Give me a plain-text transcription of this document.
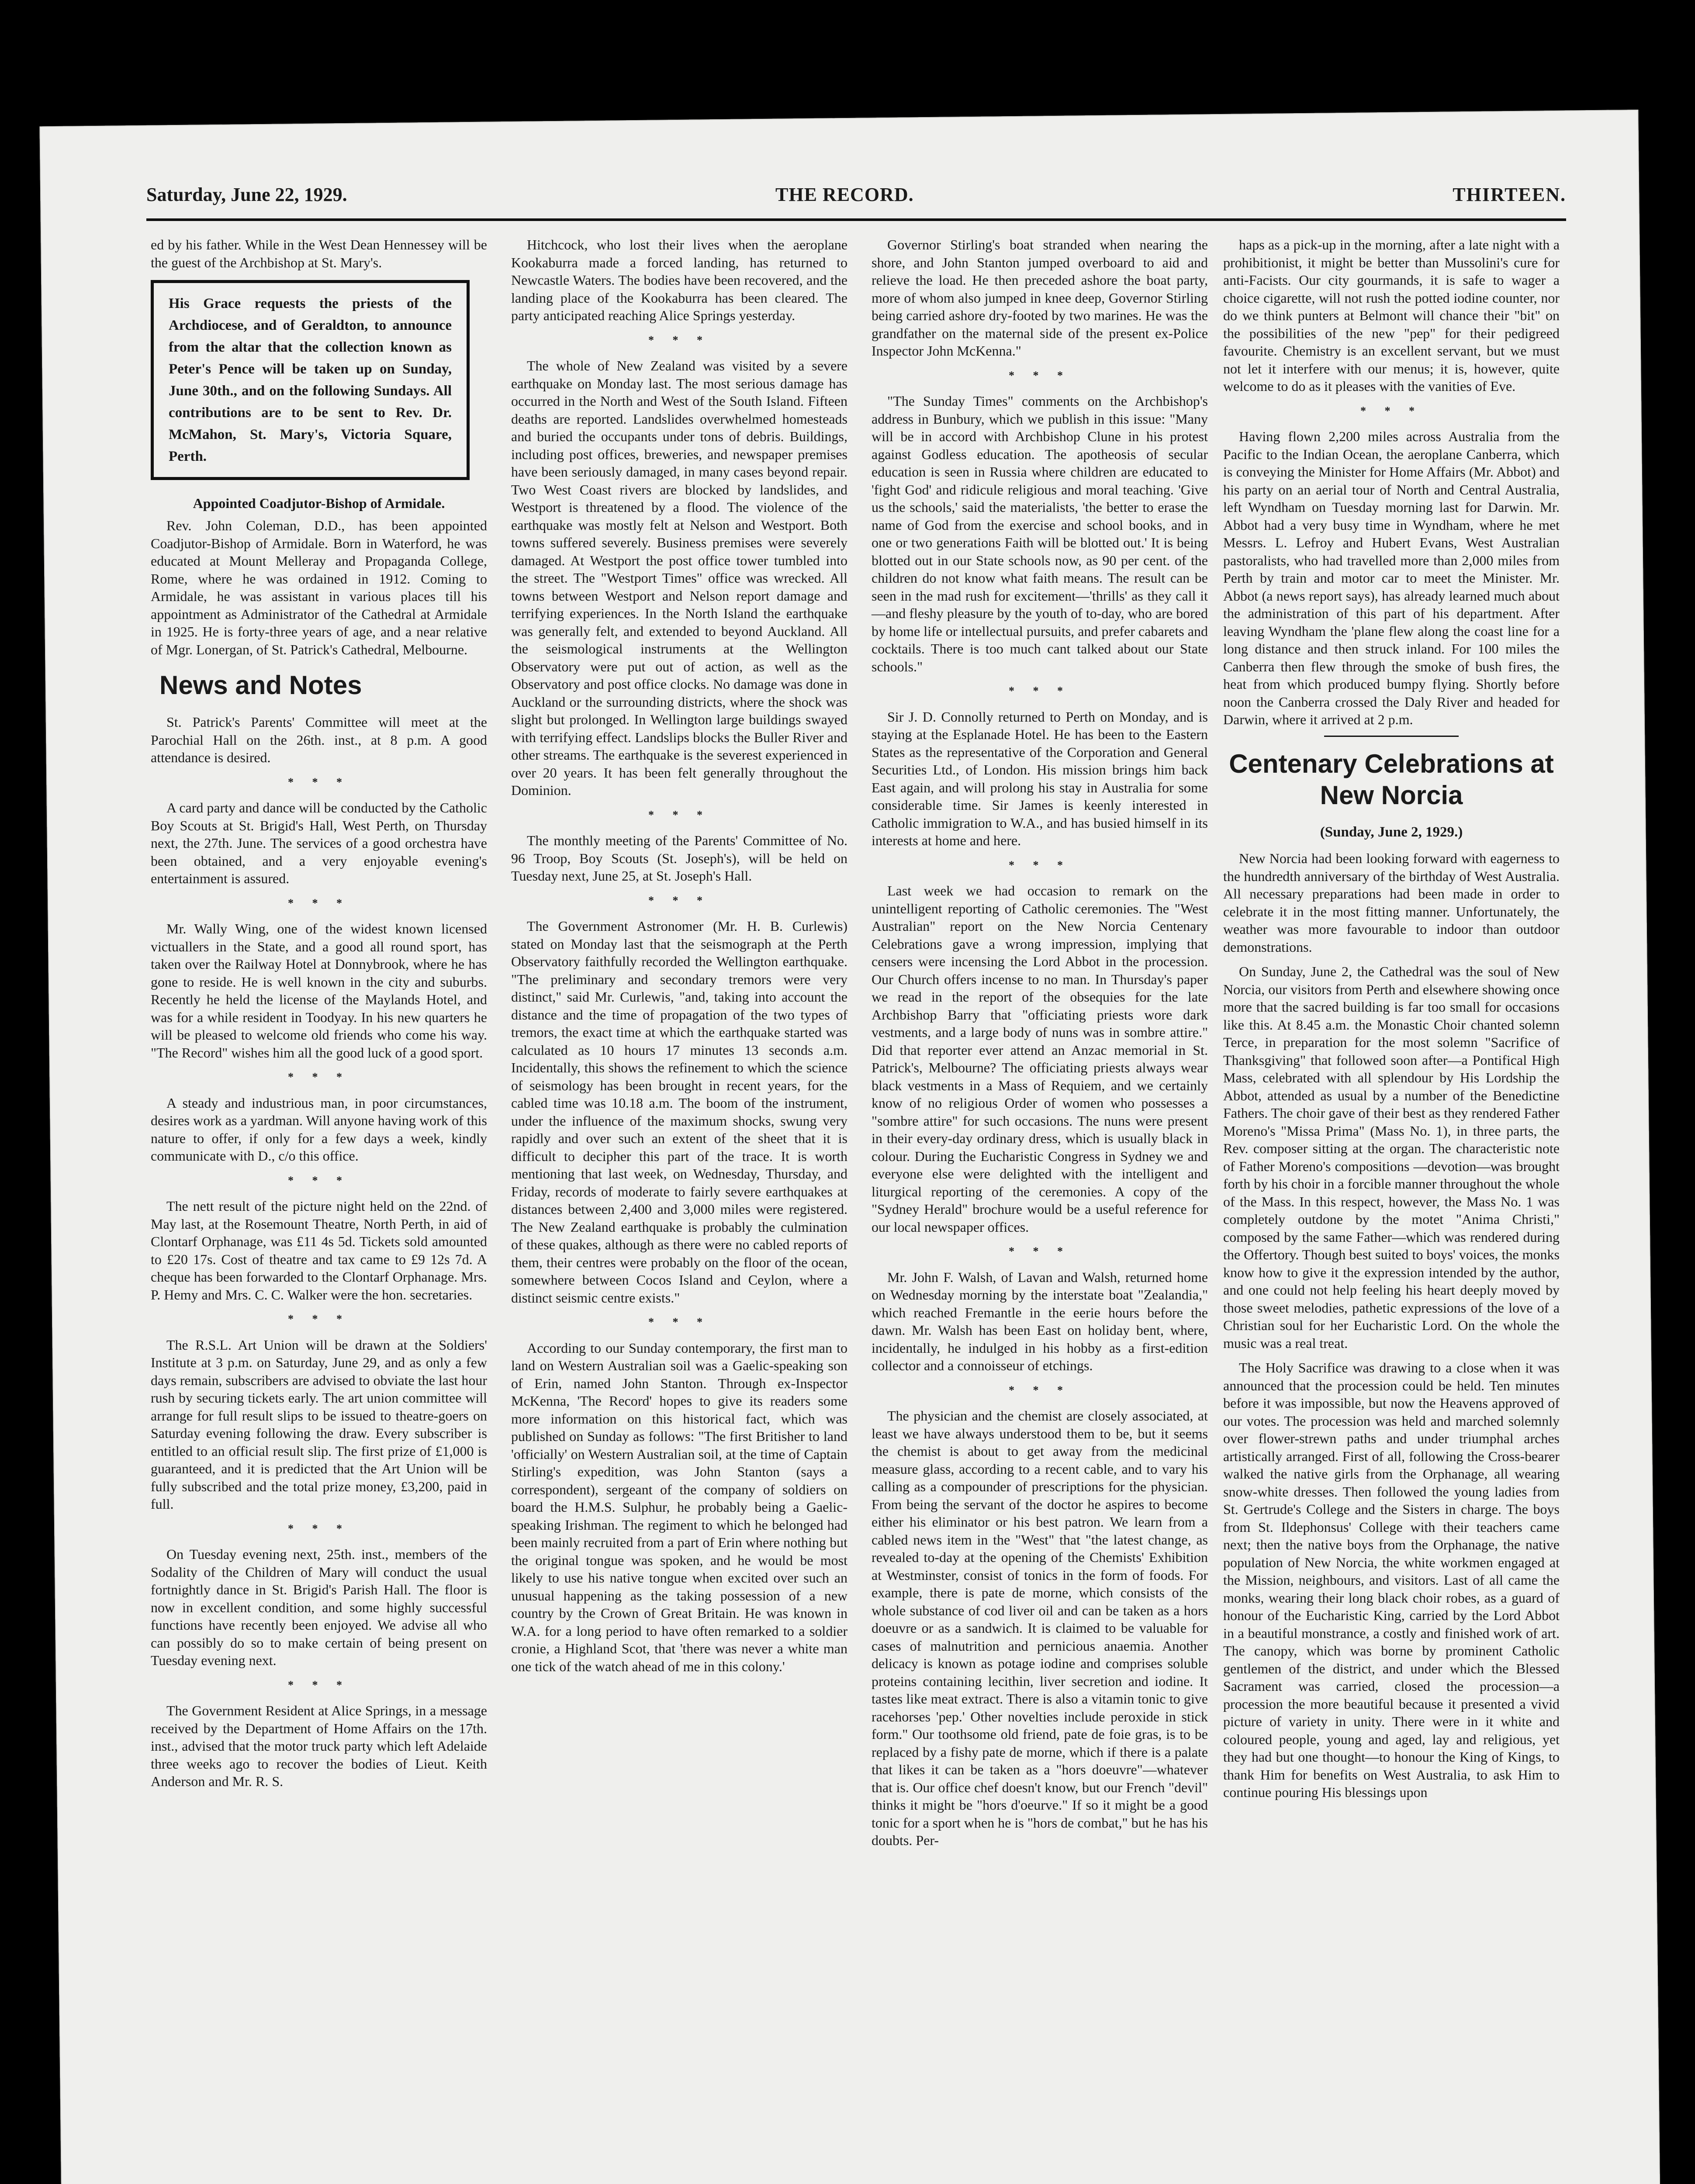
Saturday, June 22, 1929.	THE RECORD.	THIRTEEN.

ed by his father. While in the West Dean Hennessey will be the guest of the Archbishop at St. Mary's.

His Grace requests the priests of the Archdiocese, and of Geraldton, to announce from the altar that the collection known as Peter's Pence will be taken up on Sunday, June 30th., and on the following Sundays. All contributions are to be sent to Rev. Dr. McMahon, St. Mary's, Victoria Square, Perth.
Appointed Coadjutor-Bishop of Armidale.

Rev. John Coleman, D.D., has been appointed Coadjutor-Bishop of Armidale. Born in Waterford, he was educated at Mount Melleray and Propaganda College, Rome, where he was ordained in 1912. Coming to Armidale, he was assistant in various places till his appointment as Administrator of the Cathedral at Armidale in 1925. He is forty-three years of age, and a near relative of Mgr. Lonergan, of St. Patrick's Cathedral, Melbourne.

News and Notes

St. Patrick's Parents' Committee will meet at the Parochial Hall on the 26th. inst., at 8 p.m. A good attendance is desired.

* * *

A card party and dance will be conducted by the Catholic Boy Scouts at St. Brigid's Hall, West Perth, on Thursday next, the 27th. June. The services of a good orchestra have been obtained, and a very enjoyable evening's entertainment is assured.

* * *

Mr. Wally Wing, one of the widest known licensed victuallers in the State, and a good all round sport, has taken over the Railway Hotel at Donnybrook, where he has gone to reside. He is well known in the city and suburbs. Recently he held the license of the Maylands Hotel, and was for a while resident in Toodyay. In his new quarters he will be pleased to welcome old friends who come his way. "The Record" wishes him all the good luck of a good sport.

* * *

A steady and industrious man, in poor circumstances, desires work as a yardman. Will anyone having work of this nature to offer, if only for a few days a week, kindly communicate with D., c/o this office.

* * *

The nett result of the picture night held on the 22nd. of May last, at the Rosemount Theatre, North Perth, in aid of Clontarf Orphanage, was £11 4s 5d. Tickets sold amounted to £20 17s. Cost of theatre and tax came to £9 12s 7d. A cheque has been forwarded to the Clontarf Orphanage. Mrs. P. Hemy and Mrs. C. C. Walker were the hon. secretaries.

* * *

The R.S.L. Art Union will be drawn at the Soldiers' Institute at 3 p.m. on Saturday, June 29, and as only a few days remain, subscribers are advised to obviate the last hour rush by securing tickets early. The art union committee will arrange for full result slips to be issued to theatre-goers on Saturday evening following the draw. Every subscriber is entitled to an official result slip. The first prize of £1,000 is guaranteed, and it is predicted that the Art Union will be fully subscribed and the total prize money, £3,200, paid in full.

* * *

On Tuesday evening next, 25th. inst., members of the Sodality of the Children of Mary will conduct the usual fortnightly dance in St. Brigid's Parish Hall. The floor is now in excellent condition, and some highly successful functions have recently been enjoyed. We advise all who can possibly do so to make certain of being present on Tuesday evening next.

* * *

The Government Resident at Alice Springs, in a message received by the Department of Home Affairs on the 17th. inst., advised that the motor truck party which left Adelaide three weeks ago to recover the bodies of Lieut. Keith Anderson and Mr. R. S.

Hitchcock, who lost their lives when the aeroplane Kookaburra made a forced landing, has returned to Newcastle Waters. The bodies have been recovered, and the landing place of the Kookaburra has been cleared. The party anticipated reaching Alice Springs yesterday.

* * *

The whole of New Zealand was visited by a severe earthquake on Monday last. The most serious damage has occurred in the North and West of the South Island. Fifteen deaths are reported. Landslides overwhelmed homesteads and buried the occupants under tons of debris. Buildings, including post offices, breweries, and newspaper premises have been seriously damaged, in many cases beyond repair. Two West Coast rivers are blocked by landslides, and Westport is threatened by a flood. The violence of the earthquake was mostly felt at Nelson and Westport. Both towns suffered severely. Business premises were severely damaged. At Westport the post office tower tumbled into the street. The "Westport Times" office was wrecked. All towns between Westport and Nelson report damage and terrifying experiences. In the North Island the earthquake was generally felt, and extended to beyond Auckland. All the seismological instruments at the Wellington Observatory were put out of action, as well as the Observatory and post office clocks. No damage was done in Auckland or the surrounding districts, where the shock was slight but prolonged. In Wellington large buildings swayed with terrifying effect. Landslips blocks the Buller River and other streams. The earthquake is the severest experienced in over 20 years. It has been felt generally throughout the Dominion.

* * *

The monthly meeting of the Parents' Committee of No. 96 Troop, Boy Scouts (St. Joseph's), will be held on Tuesday next, June 25, at St. Joseph's Hall.

* * *

The Government Astronomer (Mr. H. B. Curlewis) stated on Monday last that the seismograph at the Perth Observatory faithfully recorded the Wellington earthquake. "The preliminary and secondary tremors were very distinct," said Mr. Curlewis, "and, taking into account the distance and the time of propagation of the two types of tremors, the exact time at which the earthquake started was calculated as 10 hours 17 minutes 13 seconds a.m. Incidentally, this shows the refinement to which the science of seismology has been brought in recent years, for the cabled time was 10.18 a.m. The boom of the instrument, under the influence of the maximum shocks, swung very rapidly and over such an extent of the sheet that it is difficult to decipher this part of the trace. It is worth mentioning that last week, on Wednesday, Thursday, and Friday, records of moderate to fairly severe earthquakes at distances between 2,400 and 3,000 miles were registered. The New Zealand earthquake is probably the culmination of these quakes, although as there were no cabled reports of them, their centres were probably on the floor of the ocean, somewhere between Cocos Island and Ceylon, where a distinct seismic centre exists."

* * *

According to our Sunday contemporary, the first man to land on Western Australian soil was a Gaelic-speaking son of Erin, named John Stanton. Through ex-Inspector McKenna, 'The Record' hopes to give its readers some more information on this historical fact, which was published on Sunday as follows: "The first Britisher to land 'officially' on Western Australian soil, at the time of Captain Stirling's expedition, was John Stanton (says a correspondent), sergeant of the company of soldiers on board the H.M.S. Sulphur, he probably being a Gaelic-speaking Irishman. The regiment to which he belonged had been mainly recruited from a part of Erin where nothing but the original tongue was spoken, and he would be most likely to use his native tongue when excited over such an unusual happening as the taking possession of a new country by the Crown of Great Britain. He was known in W.A. for a long period to have often remarked to a soldier cronie, a Highland Scot, that 'there was never a white man one tick of the watch ahead of me in this colony.'

Governor Stirling's boat stranded when nearing the shore, and John Stanton jumped overboard to aid and relieve the load. He then preceded ashore the boat party, more of whom also jumped in knee deep, Governor Stirling being carried ashore dry-footed by two marines. He was the grandfather on the maternal side of the present ex-Police Inspector John McKenna."

* * *

"The Sunday Times" comments on the Archbishop's address in Bunbury, which we publish in this issue: "Many will be in accord with Archbishop Clune in his protest against Godless education. The apotheosis of secular education is seen in Russia where children are educated to 'fight God' and ridicule religious and moral teaching. 'Give us the schools,' said the materialists, 'the better to erase the name of God from the exercise and school books, and in one or two generations Faith will be blotted out.' It is being blotted out in our State schools now, as 90 per cent. of the children do not know what faith means. The result can be seen in the mad rush for excitement—'thrills' as they call it—and fleshy pleasure by the youth of to-day, who are bored by home life or intellectual pursuits, and prefer cabarets and cocktails. There is too much cant talked about our State schools."

* * *

Sir J. D. Connolly returned to Perth on Monday, and is staying at the Esplanade Hotel. He has been to the Eastern States as the representative of the Corporation and General Securities Ltd., of London. His mission brings him back East again, and will prolong his stay in Australia for some considerable time. Sir James is keenly interested in Catholic immigration to W.A., and has busied himself in its interests at home and here.

* * *

Last week we had occasion to remark on the unintelligent reporting of Catholic ceremonies. The "West Australian" report on the New Norcia Centenary Celebrations gave a wrong impression, implying that censers were incensing the Lord Abbot in the procession. Our Church offers incense to no man. In Thursday's paper we read in the report of the obsequies for the late Archbishop Barry that "officiating priests wore dark vestments, and a large body of nuns was in sombre attire." Did that reporter ever attend an Anzac memorial in St. Patrick's, Melbourne? The officiating priests always wear black vestments in a Mass of Requiem, and we certainly know of no religious Order of women who possesses a "sombre attire" for such occasions. The nuns were present in their every-day ordinary dress, which is usually black in colour. During the Eucharistic Congress in Sydney we and everyone else were delighted with the intelligent and liturgical reporting of the ceremonies. A copy of the "Sydney Herald" brochure would be a useful reference for our local newspaper offices.

* * *

Mr. John F. Walsh, of Lavan and Walsh, returned home on Wednesday morning by the interstate boat "Zealandia," which reached Fremantle in the eerie hours before the dawn. Mr. Walsh has been East on holiday bent, where, incidentally, he indulged in his hobby as a first-edition collector and a connoisseur of etchings.

* * *

The physician and the chemist are closely associated, at least we have always understood them to be, but it seems the chemist is about to get away from the medicinal measure glass, according to a recent cable, and to vary his calling as a compounder of prescriptions for the physician. From being the servant of the doctor he aspires to become either his eliminator or his best patron. We learn from a cabled news item in the "West" that "the latest change, as revealed to-day at the opening of the Chemists' Exhibition at Westminster, consist of tonics in the form of foods. For example, there is pate de morne, which consists of the whole substance of cod liver oil and can be taken as a hors doeuvre or as a sandwich. It is claimed to be valuable for cases of malnutrition and pernicious anaemia. Another delicacy is known as potage iodine and comprises soluble proteins containing lecithin, liver secretion and iodine. It tastes like meat extract. There is also a vitamin tonic to give racehorses 'pep.' Other novelties include peroxide in stick form." Our toothsome old friend, pate de foie gras, is to be replaced by a fishy pate de morne, which if there is a palate that likes it can be taken as a "hors doeuvre"—whatever that is. Our office chef doesn't know, but our French "devil" thinks it might be "hors d'oeurve." If so it might be a good tonic for a sport when he is "hors de combat," but he has his doubts. Per-

haps as a pick-up in the morning, after a late night with a prohibitionist, it might be better than Mussolini's cure for anti-Facists. Our city gourmands, it is safe to wager a choice cigarette, will not rush the potted iodine counter, nor do we think punters at Belmont will chance their "bit" on the possibilities of the new "pep" for their pedigreed favourite. Chemistry is an excellent servant, but we must not let it interfere with our menus; it is, however, quite welcome to do as it pleases with the vanities of Eve.

* * *

Having flown 2,200 miles across Australia from the Pacific to the Indian Ocean, the aeroplane Canberra, which is conveying the Minister for Home Affairs (Mr. Abbot) and his party on an aerial tour of North and Central Australia, left Wyndham on Tuesday morning last for Darwin. Mr. Abbot had a very busy time in Wyndham, where he met Messrs. L. Lefroy and Hubert Evans, West Australian pastoralists, who had travelled more than 2,000 miles from Perth by train and motor car to meet the Minister. Mr. Abbot (a news report says), has already learned much about the administration of this part of his department. After leaving Wyndham the 'plane flew along the coast line for a long distance and then struck inland. For 100 miles the Canberra then flew through the smoke of bush fires, the heat from which produced bumpy flying. Shortly before noon the Canberra crossed the Daly River and headed for Darwin, where it arrived at 2 p.m.

Centenary Celebrations at New Norcia
(Sunday, June 2, 1929.)

New Norcia had been looking forward with eagerness to the hundredth anniversary of the birthday of West Australia. All necessary preparations had been made in order to celebrate it in the most fitting manner. Unfortunately, the weather was more favourable to indoor than outdoor demonstrations.

On Sunday, June 2, the Cathedral was the soul of New Norcia, our visitors from Perth and elsewhere showing once more that the sacred building is far too small for occasions like this. At 8.45 a.m. the Monastic Choir chanted solemn Terce, in preparation for the most solemn "Sacrifice of Thanksgiving" that followed soon after—a Pontifical High Mass, celebrated with all splendour by His Lordship the Abbot, attended as usual by a number of the Benedictine Fathers. The choir gave of their best as they rendered Father Moreno's "Missa Prima" (Mass No. 1), in three parts, the Rev. composer sitting at the organ. The characteristic note of Father Moreno's compositions —devotion—was brought forth by his choir in a forcible manner throughout the whole of the Mass. In this respect, however, the Mass No. 1 was completely outdone by the motet "Anima Christi," composed by the same Father—which was rendered during the Offertory. Though best suited to boys' voices, the monks know how to give it the expression intended by the author, and one could not help feeling his heart deeply moved by those sweet melodies, pathetic expressions of the love of a Christian soul for her Eucharistic Lord. On the whole the music was a real treat.

The Holy Sacrifice was drawing to a close when it was announced that the procession could be held. Ten minutes before it was impossible, but now the Heavens approved of our votes. The procession was held and marched solemnly over flower-strewn paths and under triumphal arches artistically arranged. First of all, following the Cross-bearer walked the native girls from the Orphanage, all wearing snow-white dresses. Then followed the young ladies from St. Gertrude's College and the Sisters in charge. The boys from St. Ildephonsus' College with their teachers came next; then the native boys from the Orphanage, the native population of New Norcia, the white workmen engaged at the Mission, neighbours, and visitors. Last of all came the monks, wearing their long black choir robes, as a guard of honour of the Eucharistic King, carried by the Lord Abbot in a beautiful monstrance, a costly and finished work of art. The canopy, which was borne by prominent Catholic gentlemen of the district, and under which the Blessed Sacrament was carried, closed the procession—a procession the more beautiful because it presented a vivid picture of variety in unity. There were in it white and coloured people, young and aged, lay and religious, yet they had but one thought—to honour the King of Kings, to thank Him for benefits on West Australia, to ask Him to continue pouring His blessings upon
